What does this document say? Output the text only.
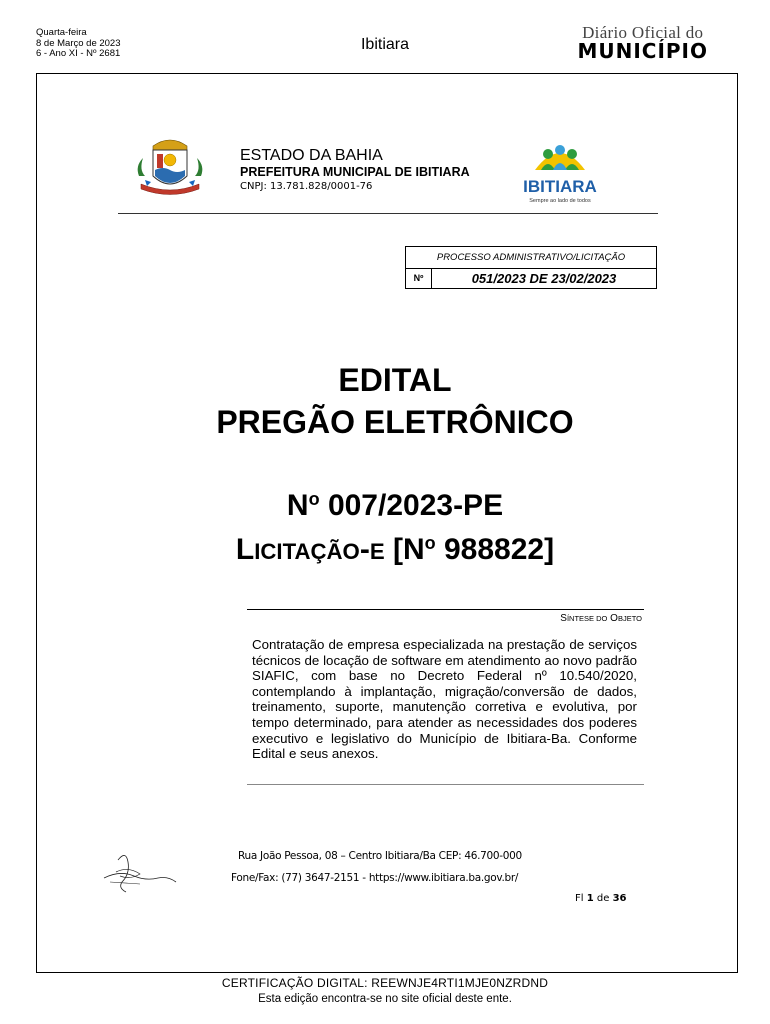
Quarta-feira
8 de Março de 2023
6 - Ano XI - Nº 2681
Ibitiara
Diário Oficial do
MUNICÍPIO
ESTADO DA BAHIA
PREFEITURA MUNICIPAL DE IBITIARA
CNPJ: 13.781.828/0001-76	IBITIARA
Sempre ao lado de todos
PROCESSO ADMINISTRATIVO/LICITAÇÃO
Nº	051/2023 DE 23/02/2023
EDITAL
PREGÃO ELETRÔNICO
$N^o$ 007/2023-PE
LICITAÇÃO-E [$N^o$ 988822]
SÍNTESE DO OBJETO
Contratação de empresa especializada na prestação de serviços técnicos de locação de software em atendimento ao novo padrão SIAFIC, com base no Decreto Federal nº 10.540/2020, contemplando à implantação, migração/conversão de dados, treinamento, suporte, manutenção corretiva e evolutiva, por tempo determinado, para atender as necessidades dos poderes executivo e legislativo do Município de Ibitiara-Ba. Conforme Edital e seus anexos.
Rua João Pessoa, 08 – Centro Ibitiara/Ba CEP: 46.700-000
Fone/Fax: (77) 3647-2151 - https://www.ibitiara.ba.gov.br/
Fl 1 de 36
CERTIFICAÇÃO DIGITAL: REEWNJE4RTI1MJE0NZRDND
Esta edição encontra-se no site oficial deste ente.
